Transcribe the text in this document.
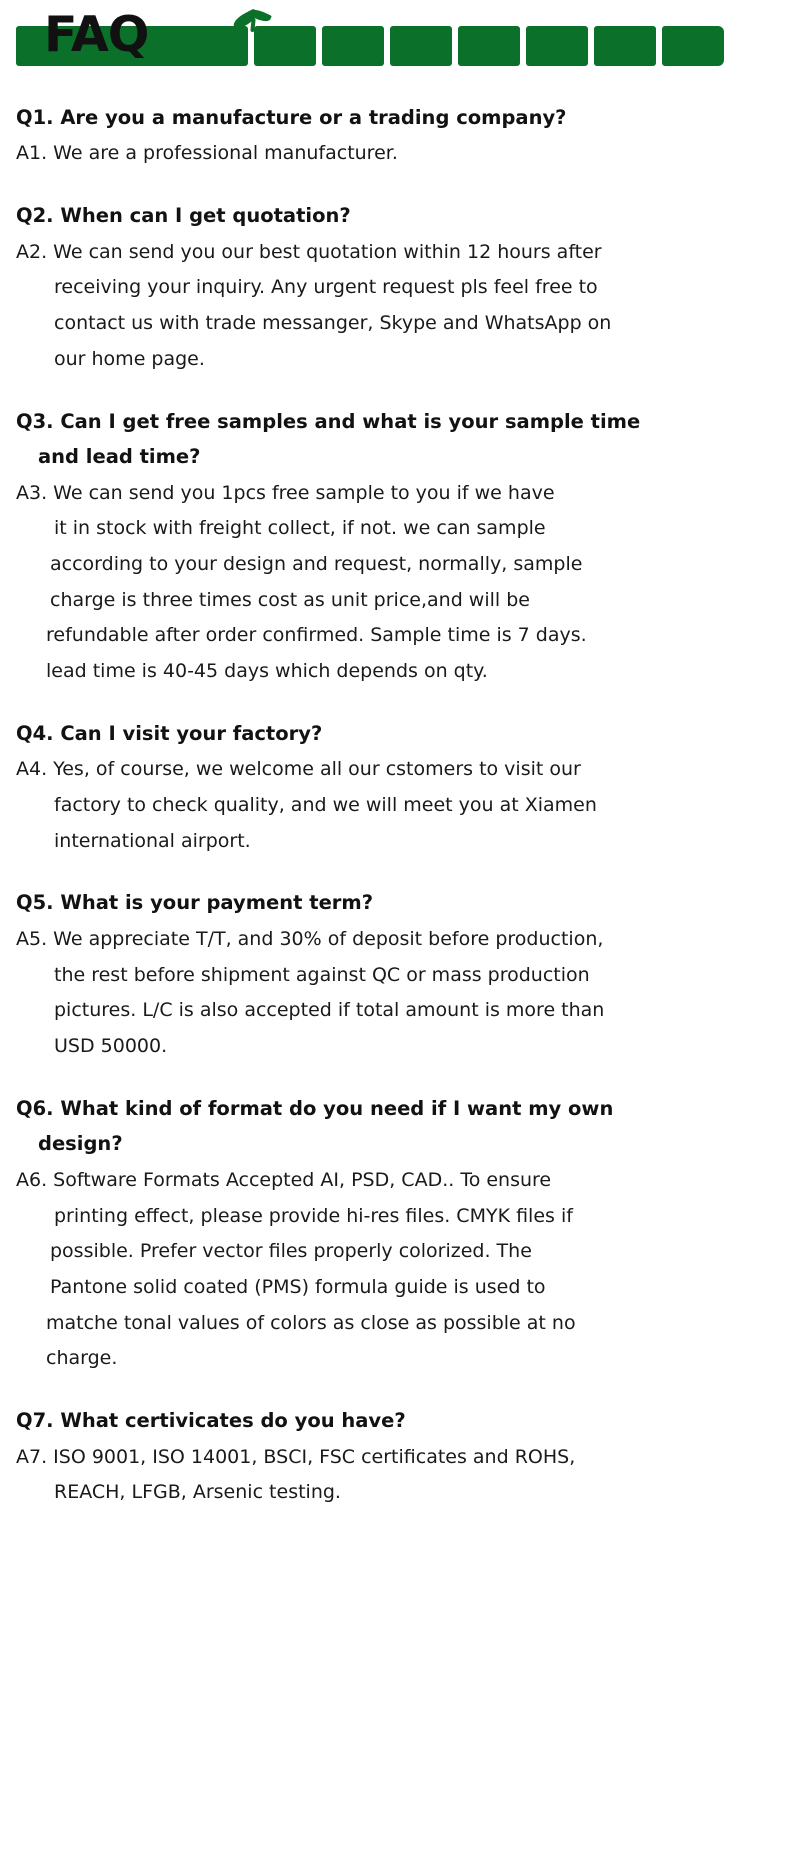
FAQ

Q1. Are you a manufacture or a trading company?

A1. We are a professional manufacturer.

Q2. When can I get quotation?

A2. We can send you our best quotation within 12 hours after
receiving your inquiry. Any urgent request pls feel free to
contact us with trade messanger, Skype and WhatsApp on
our home page.

Q3. Can I get free samples and what is your sample time
and lead time?

A3. We can send you 1pcs free sample to you if we have
it in stock with freight collect, if not. we can sample
according to your design and request, normally, sample
charge is three times cost as unit price,and will be
refundable after order confirmed. Sample time is 7 days.
lead time is 40-45 days which depends on qty.

Q4. Can I visit your factory?

A4. Yes, of course, we welcome all our cstomers to visit our
factory to check quality, and we will meet you at Xiamen
international airport.

Q5. What is your payment term?

A5. We appreciate T/T, and 30% of deposit before production,
the rest before shipment against QC or mass production
pictures. L/C is also accepted if total amount is more than
USD 50000.

Q6. What kind of format do you need if I want my own
design?

A6. Software Formats Accepted AI, PSD, CAD.. To ensure
printing effect, please provide hi-res files. CMYK files if
possible. Prefer vector files properly colorized. The
Pantone solid coated (PMS) formula guide is used to
matche tonal values of colors as close as possible at no
charge.

Q7. What certivicates do you have?

A7. ISO 9001, ISO 14001, BSCI, FSC certificates and ROHS,
REACH, LFGB, Arsenic testing.
